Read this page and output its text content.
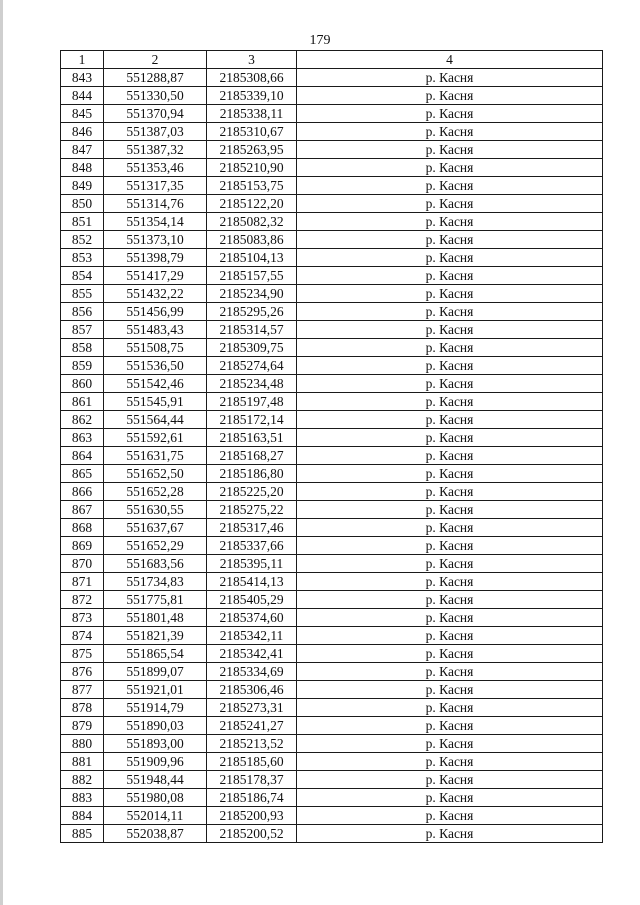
179
1	2	3	4
843	551288,87	2185308,66	р. Касня
844	551330,50	2185339,10	р. Касня
845	551370,94	2185338,11	р. Касня
846	551387,03	2185310,67	р. Касня
847	551387,32	2185263,95	р. Касня
848	551353,46	2185210,90	р. Касня
849	551317,35	2185153,75	р. Касня
850	551314,76	2185122,20	р. Касня
851	551354,14	2185082,32	р. Касня
852	551373,10	2185083,86	р. Касня
853	551398,79	2185104,13	р. Касня
854	551417,29	2185157,55	р. Касня
855	551432,22	2185234,90	р. Касня
856	551456,99	2185295,26	р. Касня
857	551483,43	2185314,57	р. Касня
858	551508,75	2185309,75	р. Касня
859	551536,50	2185274,64	р. Касня
860	551542,46	2185234,48	р. Касня
861	551545,91	2185197,48	р. Касня
862	551564,44	2185172,14	р. Касня
863	551592,61	2185163,51	р. Касня
864	551631,75	2185168,27	р. Касня
865	551652,50	2185186,80	р. Касня
866	551652,28	2185225,20	р. Касня
867	551630,55	2185275,22	р. Касня
868	551637,67	2185317,46	р. Касня
869	551652,29	2185337,66	р. Касня
870	551683,56	2185395,11	р. Касня
871	551734,83	2185414,13	р. Касня
872	551775,81	2185405,29	р. Касня
873	551801,48	2185374,60	р. Касня
874	551821,39	2185342,11	р. Касня
875	551865,54	2185342,41	р. Касня
876	551899,07	2185334,69	р. Касня
877	551921,01	2185306,46	р. Касня
878	551914,79	2185273,31	р. Касня
879	551890,03	2185241,27	р. Касня
880	551893,00	2185213,52	р. Касня
881	551909,96	2185185,60	р. Касня
882	551948,44	2185178,37	р. Касня
883	551980,08	2185186,74	р. Касня
884	552014,11	2185200,93	р. Касня
885	552038,87	2185200,52	р. Касня
